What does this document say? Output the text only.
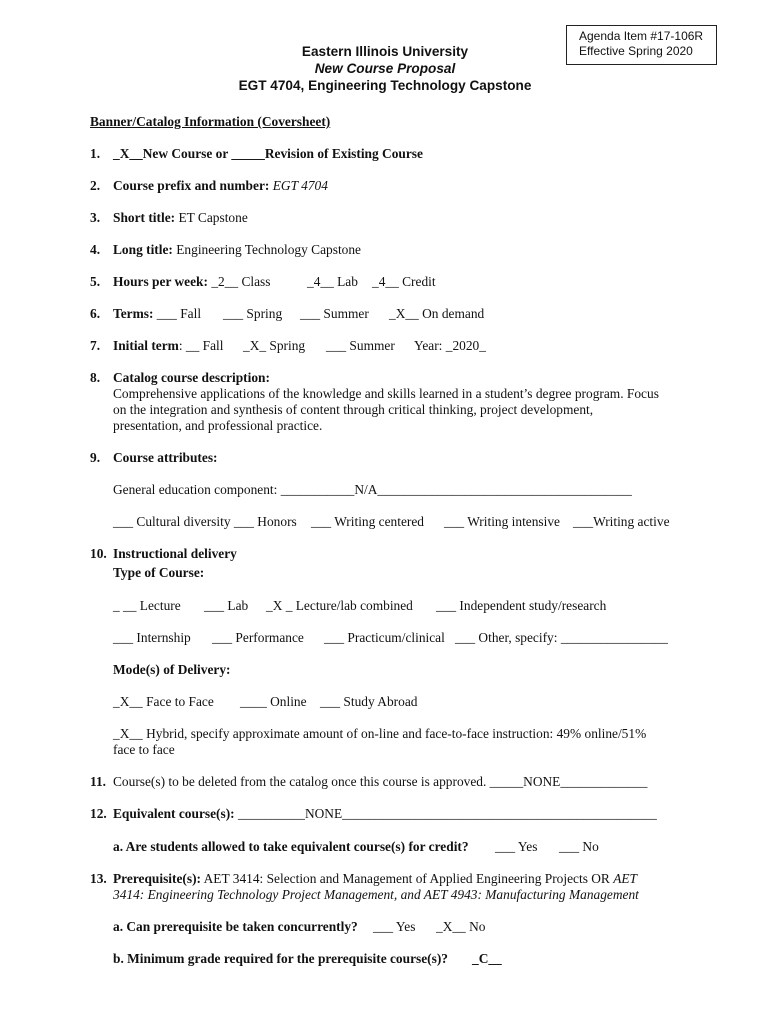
Agenda Item #17-106R
Effective Spring 2020
Eastern Illinois University
New Course Proposal
EGT 4704, Engineering Technology Capstone
Banner/Catalog Information (Coversheet)
1. _X__New Course or _____Revision of Existing Course
2. Course prefix and number: EGT 4704
3. Short title: ET Capstone
4. Long title: Engineering Technology Capstone
5. Hours per week: _2__ Class	_4__ Lab _4__ Credit
6. Terms: ___ Fall ___ Spring ___ Summer _X__ On demand
7. Initial term: __ Fall _X_ Spring ___ Summer Year: _2020_
8. Catalog course description:
Comprehensive applications of the knowledge and skills learned in a student’s degree program. Focus
on the integration and synthesis of content through critical thinking, project development,
presentation, and professional practice.
9. Course attributes:
General education component: ___________N/A______________________________________
___ Cultural diversity ___ Honors ___ Writing centered ___ Writing intensive ___Writing active
10. Instructional delivery
Type of Course:
_ __ Lecture ___ Lab _X _ Lecture/lab combined ___ Independent study/research
___ Internship ___ Performance ___ Practicum/clinical ___ Other, specify: ________________
Mode(s) of Delivery:
_X__ Face to Face ____ Online ___ Study Abroad
_X__ Hybrid, specify approximate amount of on-line and face-to-face instruction: 49% online/51%
face to face
11. Course(s) to be deleted from the catalog once this course is approved. _____NONE_____________
12. Equivalent course(s): __________NONE_______________________________________________
a. Are students allowed to take equivalent course(s) for credit? ___ Yes ___ No
13. Prerequisite(s): AET 3414: Selection and Management of Applied Engineering Projects OR AET
3414: Engineering Technology Project Management, and AET 4943: Manufacturing Management
a. Can prerequisite be taken concurrently? ___ Yes _X__ No
b. Minimum grade required for the prerequisite course(s)? _C__
